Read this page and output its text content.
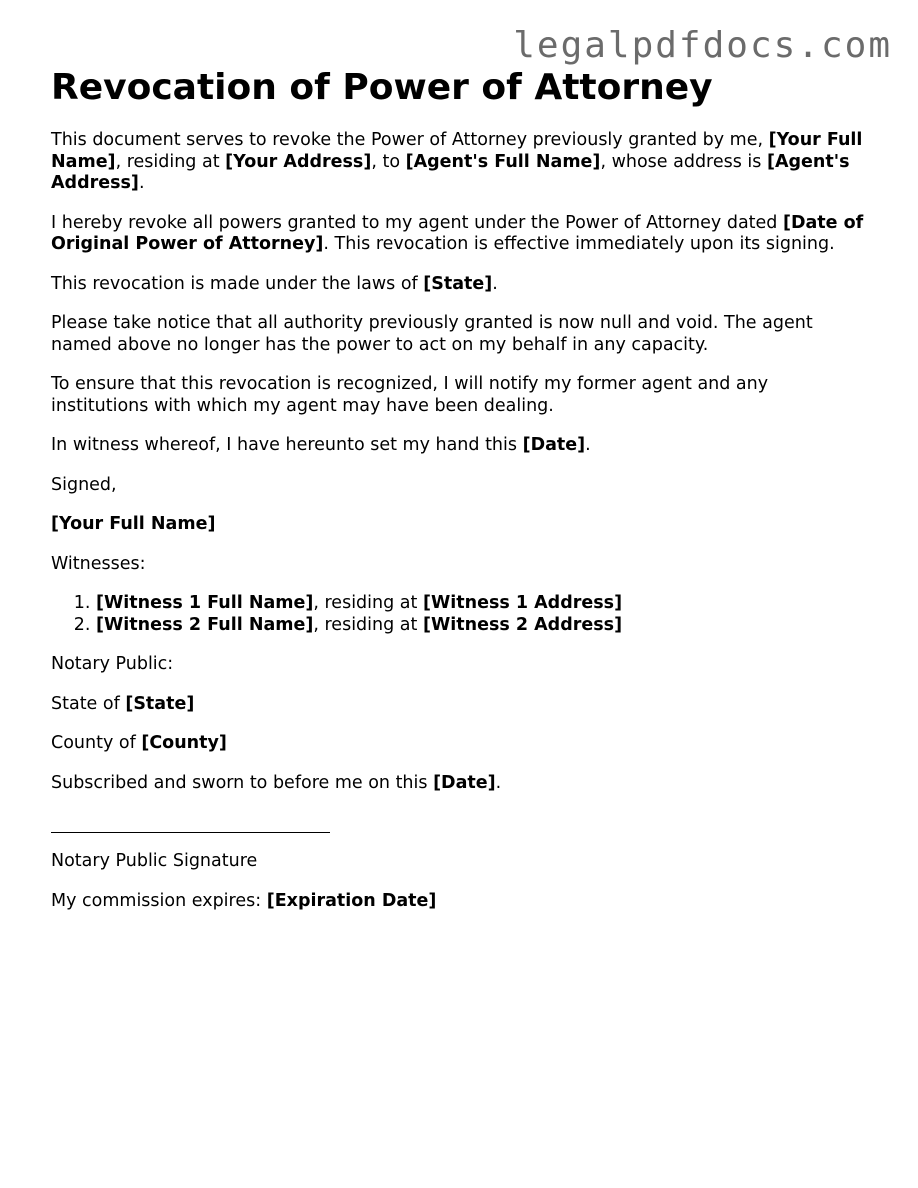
legalpdfdocs.com
Revocation of Power of Attorney

This document serves to revoke the Power of Attorney previously granted by me, [Your Full Name], residing at [Your Address], to [Agent's Full Name], whose address is [Agent's Address].

I hereby revoke all powers granted to my agent under the Power of Attorney dated [Date of Original Power of Attorney]. This revocation is effective immediately upon its signing.

This revocation is made under the laws of [State].

Please take notice that all authority previously granted is now null and void. The agent named above no longer has the power to act on my behalf in any capacity.

To ensure that this revocation is recognized, I will notify my former agent and any institutions with which my agent may have been dealing.

In witness whereof, I have hereunto set my hand this [Date].

Signed,

[Your Full Name]

Witnesses:

1. [Witness 1 Full Name], residing at [Witness 1 Address]
2. [Witness 2 Full Name], residing at [Witness 2 Address]

Notary Public:

State of [State]

County of [County]

Subscribed and sworn to before me on this [Date].

Notary Public Signature

My commission expires: [Expiration Date]
